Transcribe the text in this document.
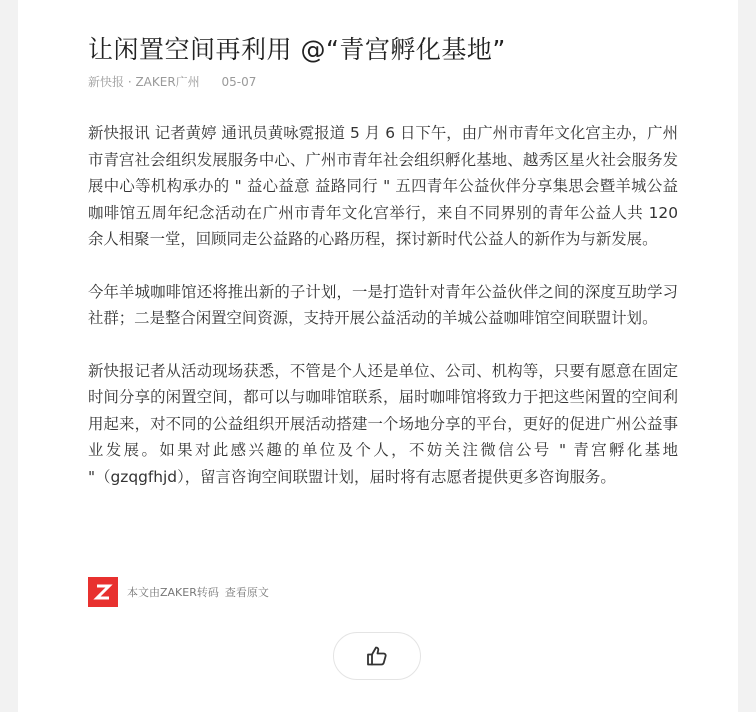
让闲置空间再利用 @“青宫孵化基地”
新快报 · ZAKER广州 05-07

新快报讯 记者黄婷 通讯员黄咏霓报道 5 月 6 日下午，由广州市青年文化宫主办，广州市青宫社会组织发展服务中心、广州市青年社会组织孵化基地、越秀区星火社会服务发展中心等机构承办的 " 益心益意 益路同行 " 五四青年公益伙伴分享集思会暨羊城公益咖啡馆五周年纪念活动在广州市青年文化宫举行，来自不同界别的青年公益人共 120 余人相聚一堂，回顾同走公益路的心路历程，探讨新时代公益人的新作为与新发展。

今年羊城咖啡馆还将推出新的子计划，一是打造针对青年公益伙伴之间的深度互助学习社群；二是整合闲置空间资源，支持开展公益活动的羊城公益咖啡馆空间联盟计划。

新快报记者从活动现场获悉，不管是个人还是单位、公司、机构等，只要有愿意在固定时间分享的闲置空间，都可以与咖啡馆联系，届时咖啡馆将致力于把这些闲置的空间利用起来，对不同的公益组织开展活动搭建一个场地分享的平台，更好的促进广州公益事业发展。如果对此感兴趣的单位及个人，不妨关注微信公号 " 青宫孵化基地 "（gzqgfhjd），留言咨询空间联盟计划，届时将有志愿者提供更多咨询服务。

本文由ZAKER转码 查看原文
